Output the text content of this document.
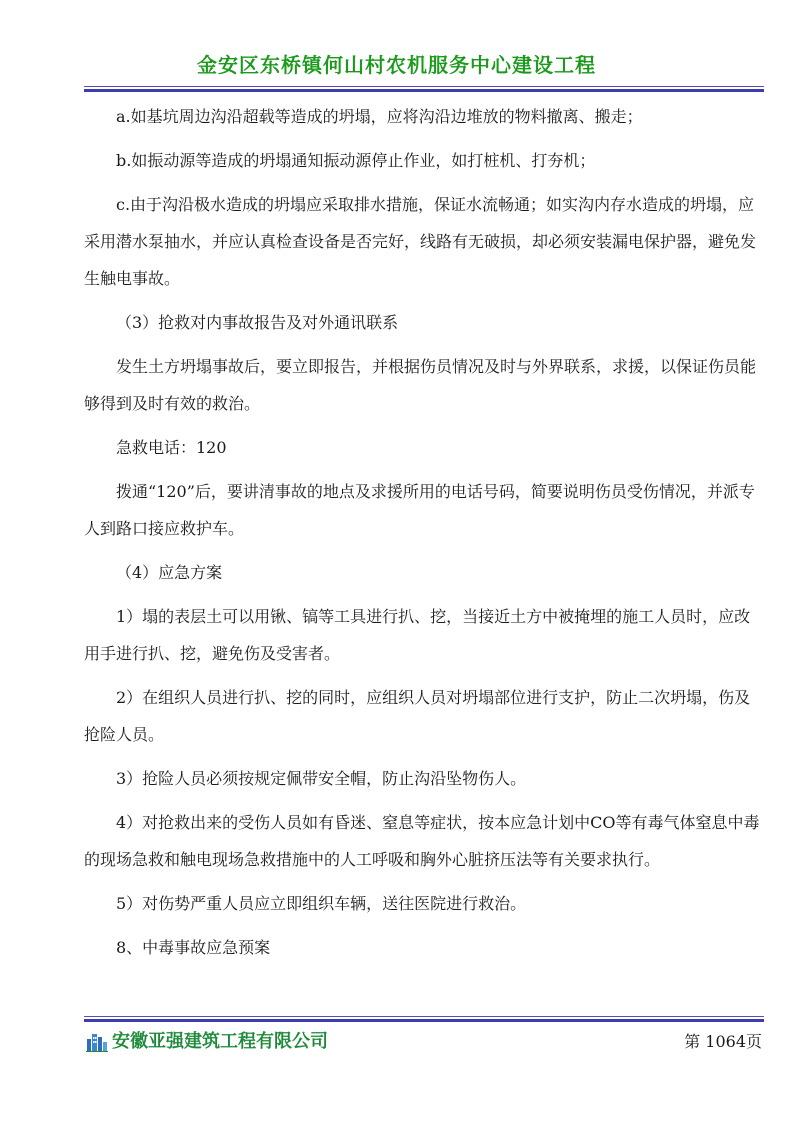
金安区东桥镇何山村农机服务中心建设工程

a.如基坑周边沟沿超载等造成的坍塌，应将沟沿边堆放的物料撤离、搬走；

b.如振动源等造成的坍塌通知振动源停止作业，如打桩机、打夯机；

c.由于沟沿极水造成的坍塌应采取排水措施，保证水流畅通；如实沟内存水造成的坍塌，应采用潜水泵抽水，并应认真检查设备是否完好，线路有无破损，却必须安装漏电保护器，避免发生触电事故。

（3）抢救对内事故报告及对外通讯联系

发生土方坍塌事故后，要立即报告，并根据伤员情况及时与外界联系，求援，以保证伤员能够得到及时有效的救治。

急救电话：120

拨通“120”后，要讲清事故的地点及求援所用的电话号码，简要说明伤员受伤情况，并派专人到路口接应救护车。

（4）应急方案

1）塌的表层土可以用锹、镐等工具进行扒、挖，当接近土方中被掩埋的施工人员时，应改用手进行扒、挖，避免伤及受害者。

2）在组织人员进行扒、挖的同时，应组织人员对坍塌部位进行支护，防止二次坍塌，伤及抢险人员。

3）抢险人员必须按规定佩带安全帽，防止沟沿坠物伤人。

4）对抢救出来的受伤人员如有昏迷、窒息等症状，按本应急计划中CO等有毒气体窒息中毒的现场急救和触电现场急救措施中的人工呼吸和胸外心脏挤压法等有关要求执行。

5）对伤势严重人员应立即组织车辆，送往医院进行救治。

8、中毒事故应急预案

安徽亚强建筑工程有限公司	第 1064页
